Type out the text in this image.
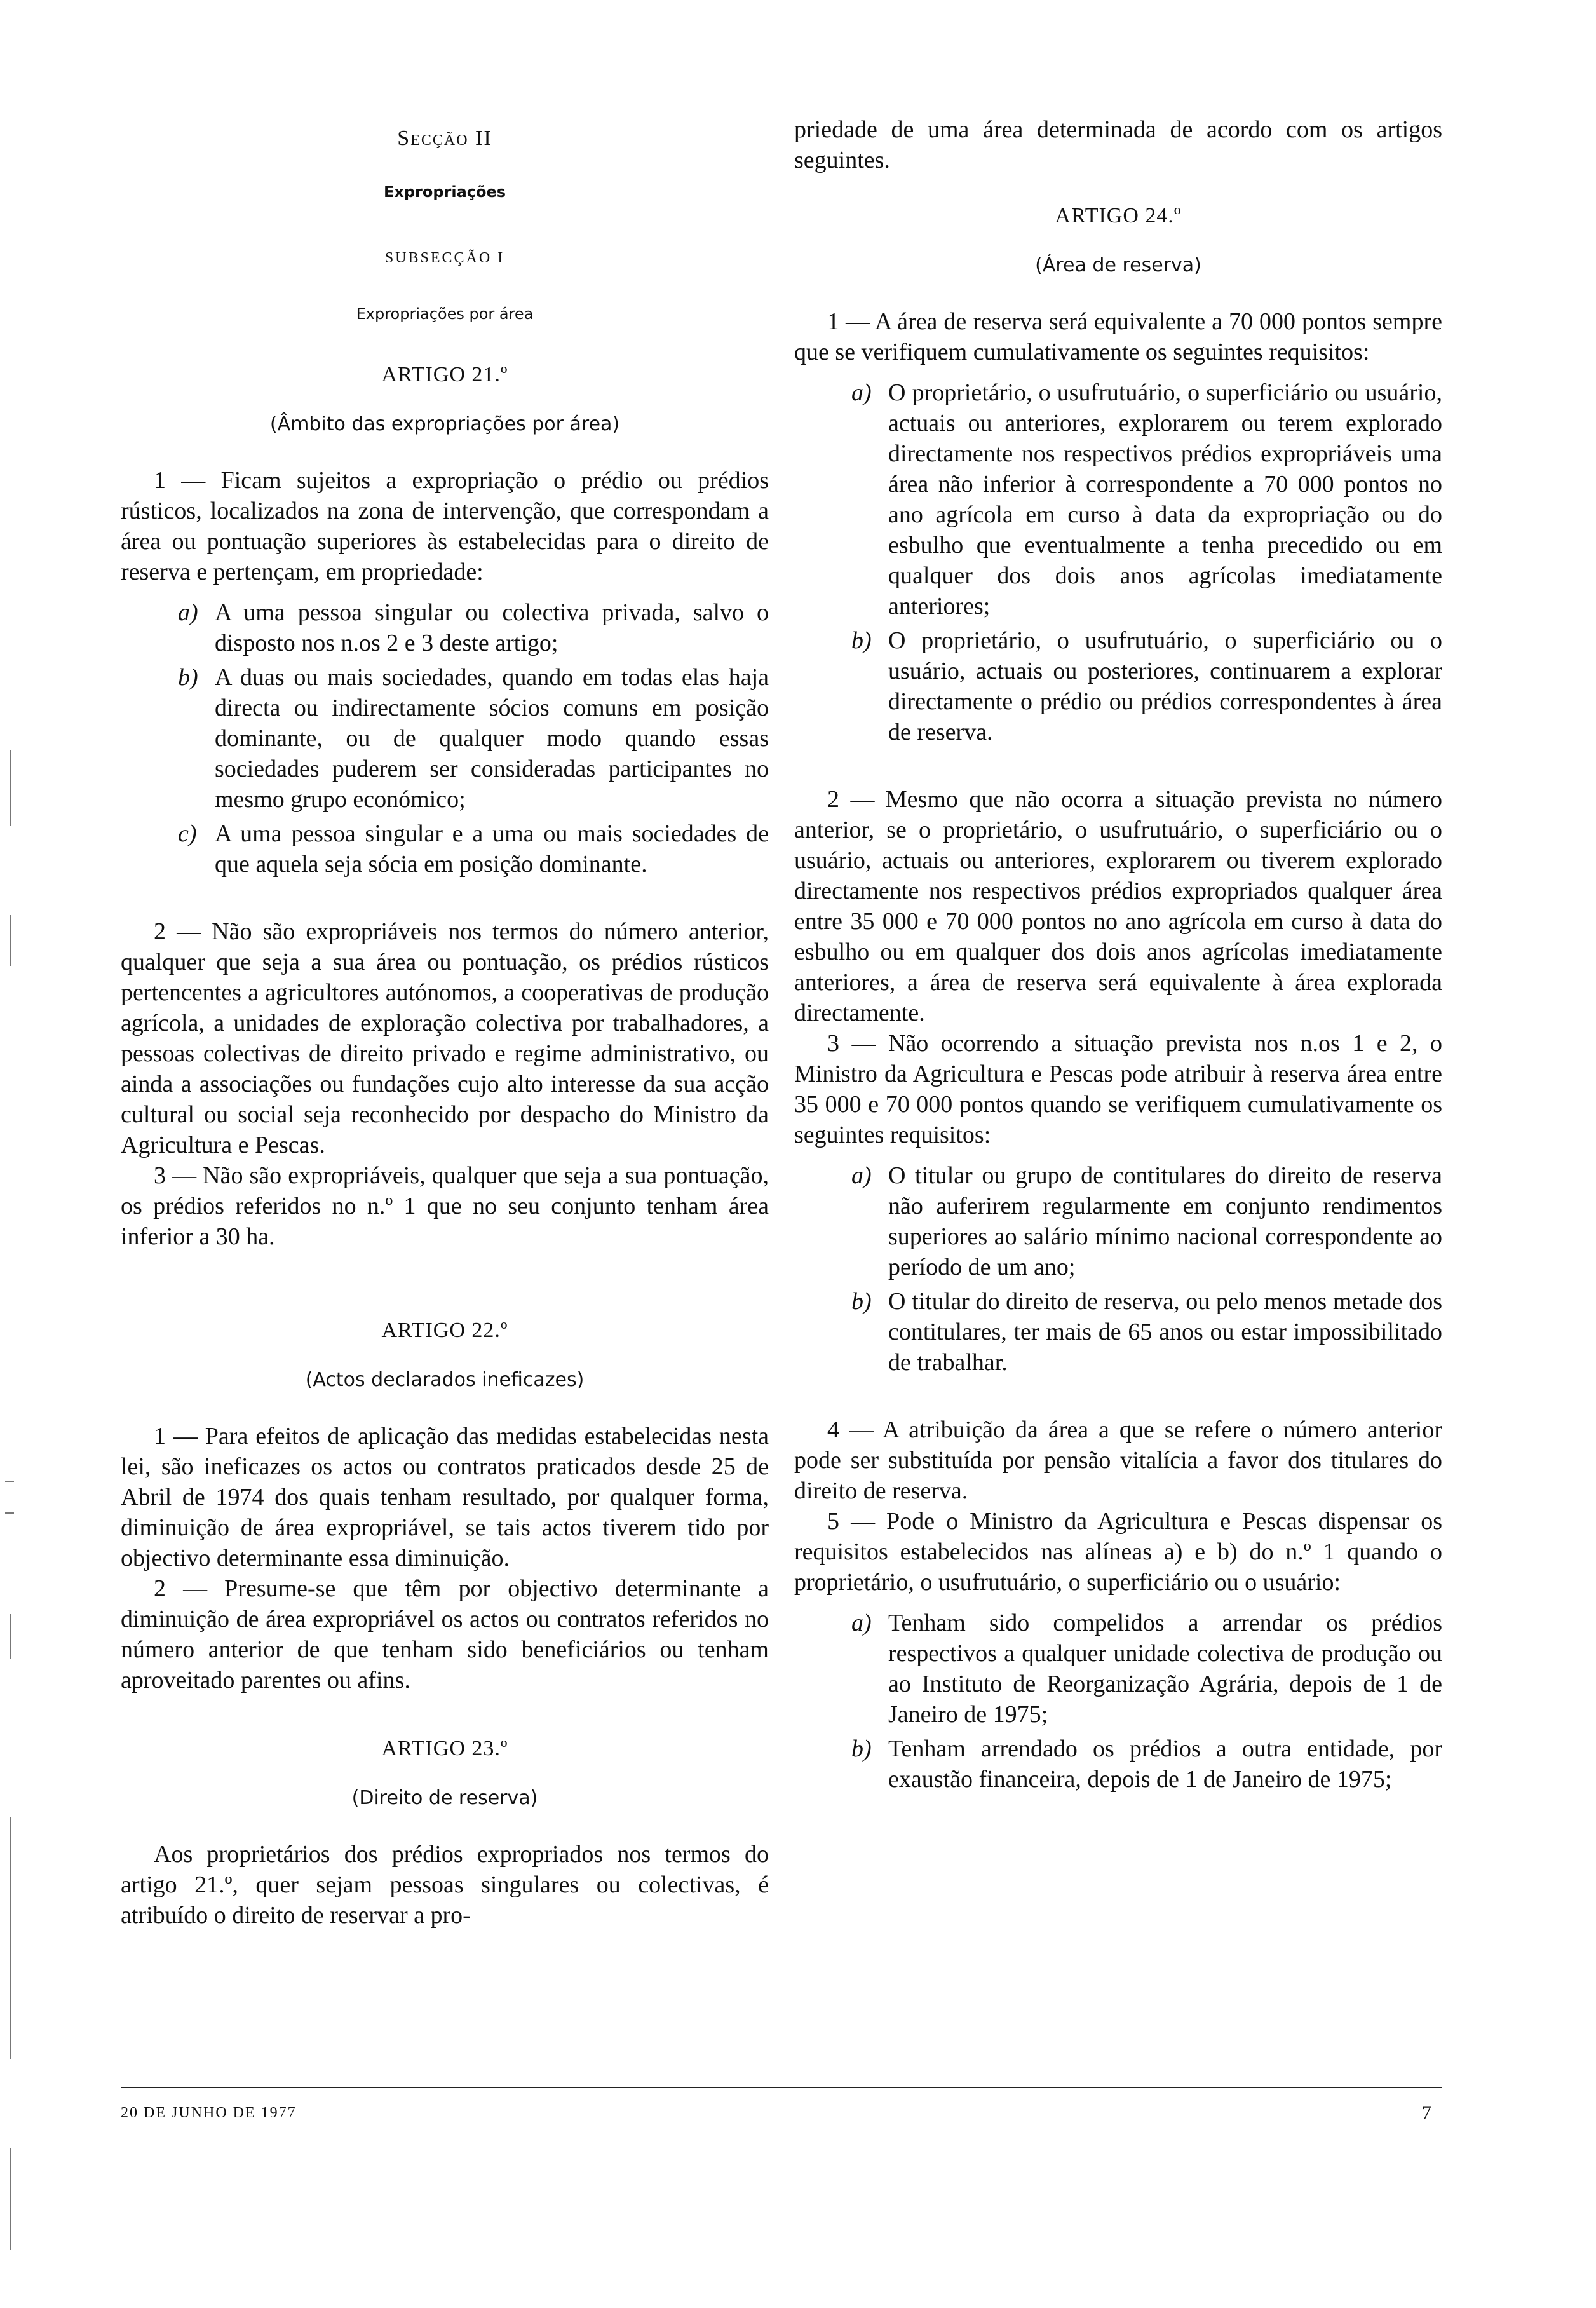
Secção II
Expropriações
SUBSECÇÃO I
Expropriações por área
ARTIGO 21.º
(Âmbito das expropriações por área)

1 — Ficam sujeitos a expropriação o prédio ou prédios rústicos, localizados na zona de intervenção, que correspondam a área ou pontuação superiores às estabelecidas para o direito de reserva e pertençam, em propriedade:

a) A uma pessoa singular ou colectiva privada, salvo o disposto nos n.os 2 e 3 deste artigo;
b) A duas ou mais sociedades, quando em todas elas haja directa ou indirectamente sócios comuns em posição dominante, ou de qualquer modo quando essas sociedades puderem ser consideradas participantes no mesmo grupo económico;
c) A uma pessoa singular e a uma ou mais sociedades de que aquela seja sócia em posição dominante.

2 — Não são expropriáveis nos termos do número anterior, qualquer que seja a sua área ou pontuação, os prédios rústicos pertencentes a agricultores autónomos, a cooperativas de produção agrícola, a unidades de exploração colectiva por trabalhadores, a pessoas colectivas de direito privado e regime administrativo, ou ainda a associações ou fundações cujo alto interesse da sua acção cultural ou social seja reconhecido por despacho do Ministro da Agricultura e Pescas.

3 — Não são expropriáveis, qualquer que seja a sua pontuação, os prédios referidos no n.º 1 que no seu conjunto tenham área inferior a 30 ha.

ARTIGO 22.º
(Actos declarados ineficazes)

1 — Para efeitos de aplicação das medidas estabelecidas nesta lei, são ineficazes os actos ou contratos praticados desde 25 de Abril de 1974 dos quais tenham resultado, por qualquer forma, diminuição de área expropriável, se tais actos tiverem tido por objectivo determinante essa diminuição.

2 — Presume-se que têm por objectivo determinante a diminuição de área expropriável os actos ou contratos referidos no número anterior de que tenham sido beneficiários ou tenham aproveitado parentes ou afins.

ARTIGO 23.º
(Direito de reserva)

Aos proprietários dos prédios expropriados nos termos do artigo 21.º, quer sejam pessoas singulares ou colectivas, é atribuído o direito de reservar a pro-

priedade de uma área determinada de acordo com os artigos seguintes.

ARTIGO 24.º
(Área de reserva)

1 — A área de reserva será equivalente a 70 000 pontos sempre que se verifiquem cumulativamente os seguintes requisitos:

a) O proprietário, o usufrutuário, o superficiário ou usuário, actuais ou anteriores, explorarem ou terem explorado directamente nos respectivos prédios expropriáveis uma área não inferior à correspondente a 70 000 pontos no ano agrícola em curso à data da expropriação ou do esbulho que eventualmente a tenha precedido ou em qualquer dos dois anos agrícolas imediatamente anteriores;
b) O proprietário, o usufrutuário, o superficiário ou o usuário, actuais ou posteriores, continuarem a explorar directamente o prédio ou prédios correspondentes à área de reserva.

2 — Mesmo que não ocorra a situação prevista no número anterior, se o proprietário, o usufrutuário, o superficiário ou o usuário, actuais ou anteriores, explorarem ou tiverem explorado directamente nos respectivos prédios expropriados qualquer área entre 35 000 e 70 000 pontos no ano agrícola em curso à data do esbulho ou em qualquer dos dois anos agrícolas imediatamente anteriores, a área de reserva será equivalente à área explorada directamente.

3 — Não ocorrendo a situação prevista nos n.os 1 e 2, o Ministro da Agricultura e Pescas pode atribuir à reserva área entre 35 000 e 70 000 pontos quando se verifiquem cumulativamente os seguintes requisitos:

a) O titular ou grupo de contitulares do direito de reserva não auferirem regularmente em conjunto rendimentos superiores ao salário mínimo nacional correspondente ao período de um ano;
b) O titular do direito de reserva, ou pelo menos metade dos contitulares, ter mais de 65 anos ou estar impossibilitado de trabalhar.

4 — A atribuição da área a que se refere o número anterior pode ser substituída por pensão vitalícia a favor dos titulares do direito de reserva.

5 — Pode o Ministro da Agricultura e Pescas dispensar os requisitos estabelecidos nas alíneas a) e b) do n.º 1 quando o proprietário, o usufrutuário, o superficiário ou o usuário:

a) Tenham sido compelidos a arrendar os prédios respectivos a qualquer unidade colectiva de produção ou ao Instituto de Reorganização Agrária, depois de 1 de Janeiro de 1975;
b) Tenham arrendado os prédios a outra entidade, por exaustão financeira, depois de 1 de Janeiro de 1975;
20 DE JUNHO DE 1977	7
